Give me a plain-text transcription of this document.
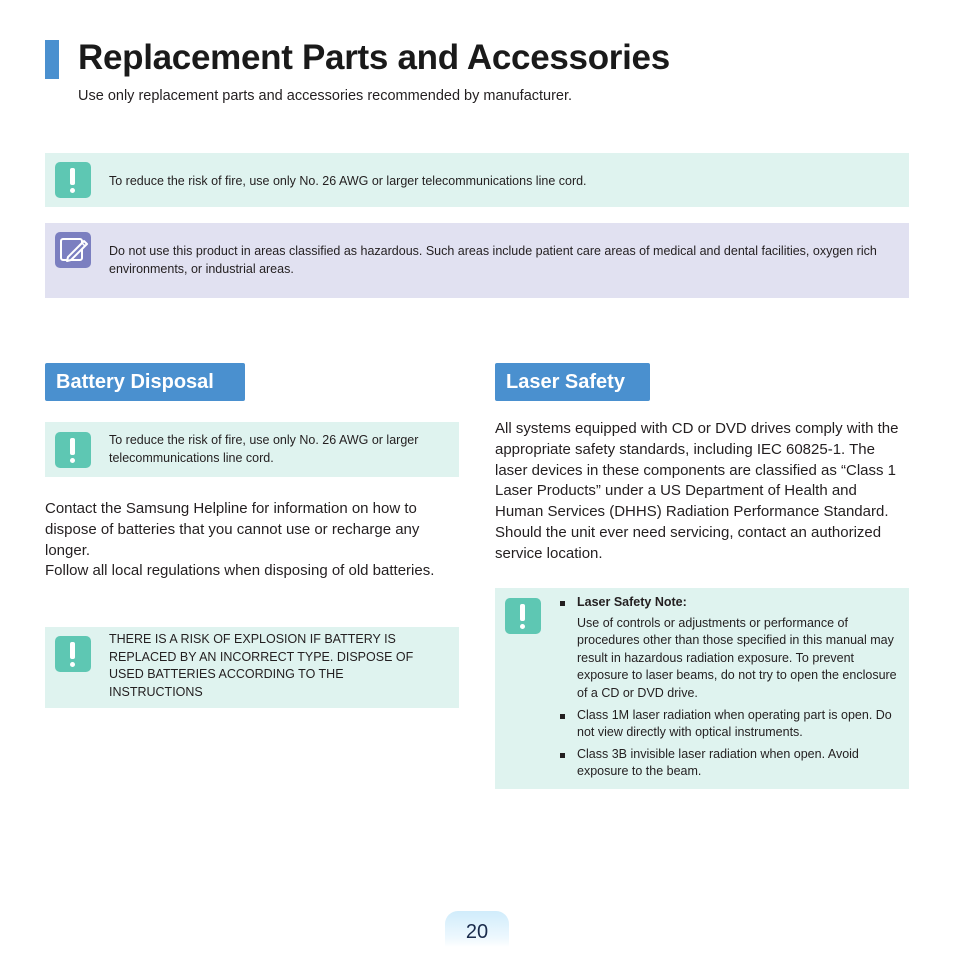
Replacement Parts and Accessories

Use only replacement parts and accessories recommended by manufacturer.

To reduce the risk of fire, use only No. 26 AWG or larger telecommunications line cord.
Do not use this product in areas classified as hazardous. Such areas include patient care areas of medical and dental facilities, oxygen rich environments, or industrial areas.
Battery Disposal
To reduce the risk of fire, use only No. 26 AWG or larger telecommunications line cord.

Contact the Samsung Helpline for information on how to dispose of batteries that you cannot use or recharge any longer.

Follow all local regulations when disposing of old batteries.

THERE IS A RISK OF EXPLOSION IF BATTERY IS REPLACED BY AN INCORRECT TYPE. DISPOSE OF USED BATTERIES ACCORDING TO THE INSTRUCTIONS
Laser Safety
All systems equipped with CD or DVD drives comply with the appropriate safety standards, including IEC 60825-1. The laser devices in these components are classified as “Class 1 Laser Products” under a US Department of Health and Human Services (DHHS) Radiation Performance Standard. Should the unit ever need servicing, contact an authorized service location.
Laser Safety Note:
Use of controls or adjustments or performance of procedures other than those specified in this manual may result in hazardous radiation exposure. To prevent exposure to laser beams, do not try to open the enclosure of a CD or DVD drive.
Class 1M laser radiation when operating part is open. Do not view directly with optical instruments.
Class 3B invisible laser radiation when open. Avoid exposure to the beam.
20
